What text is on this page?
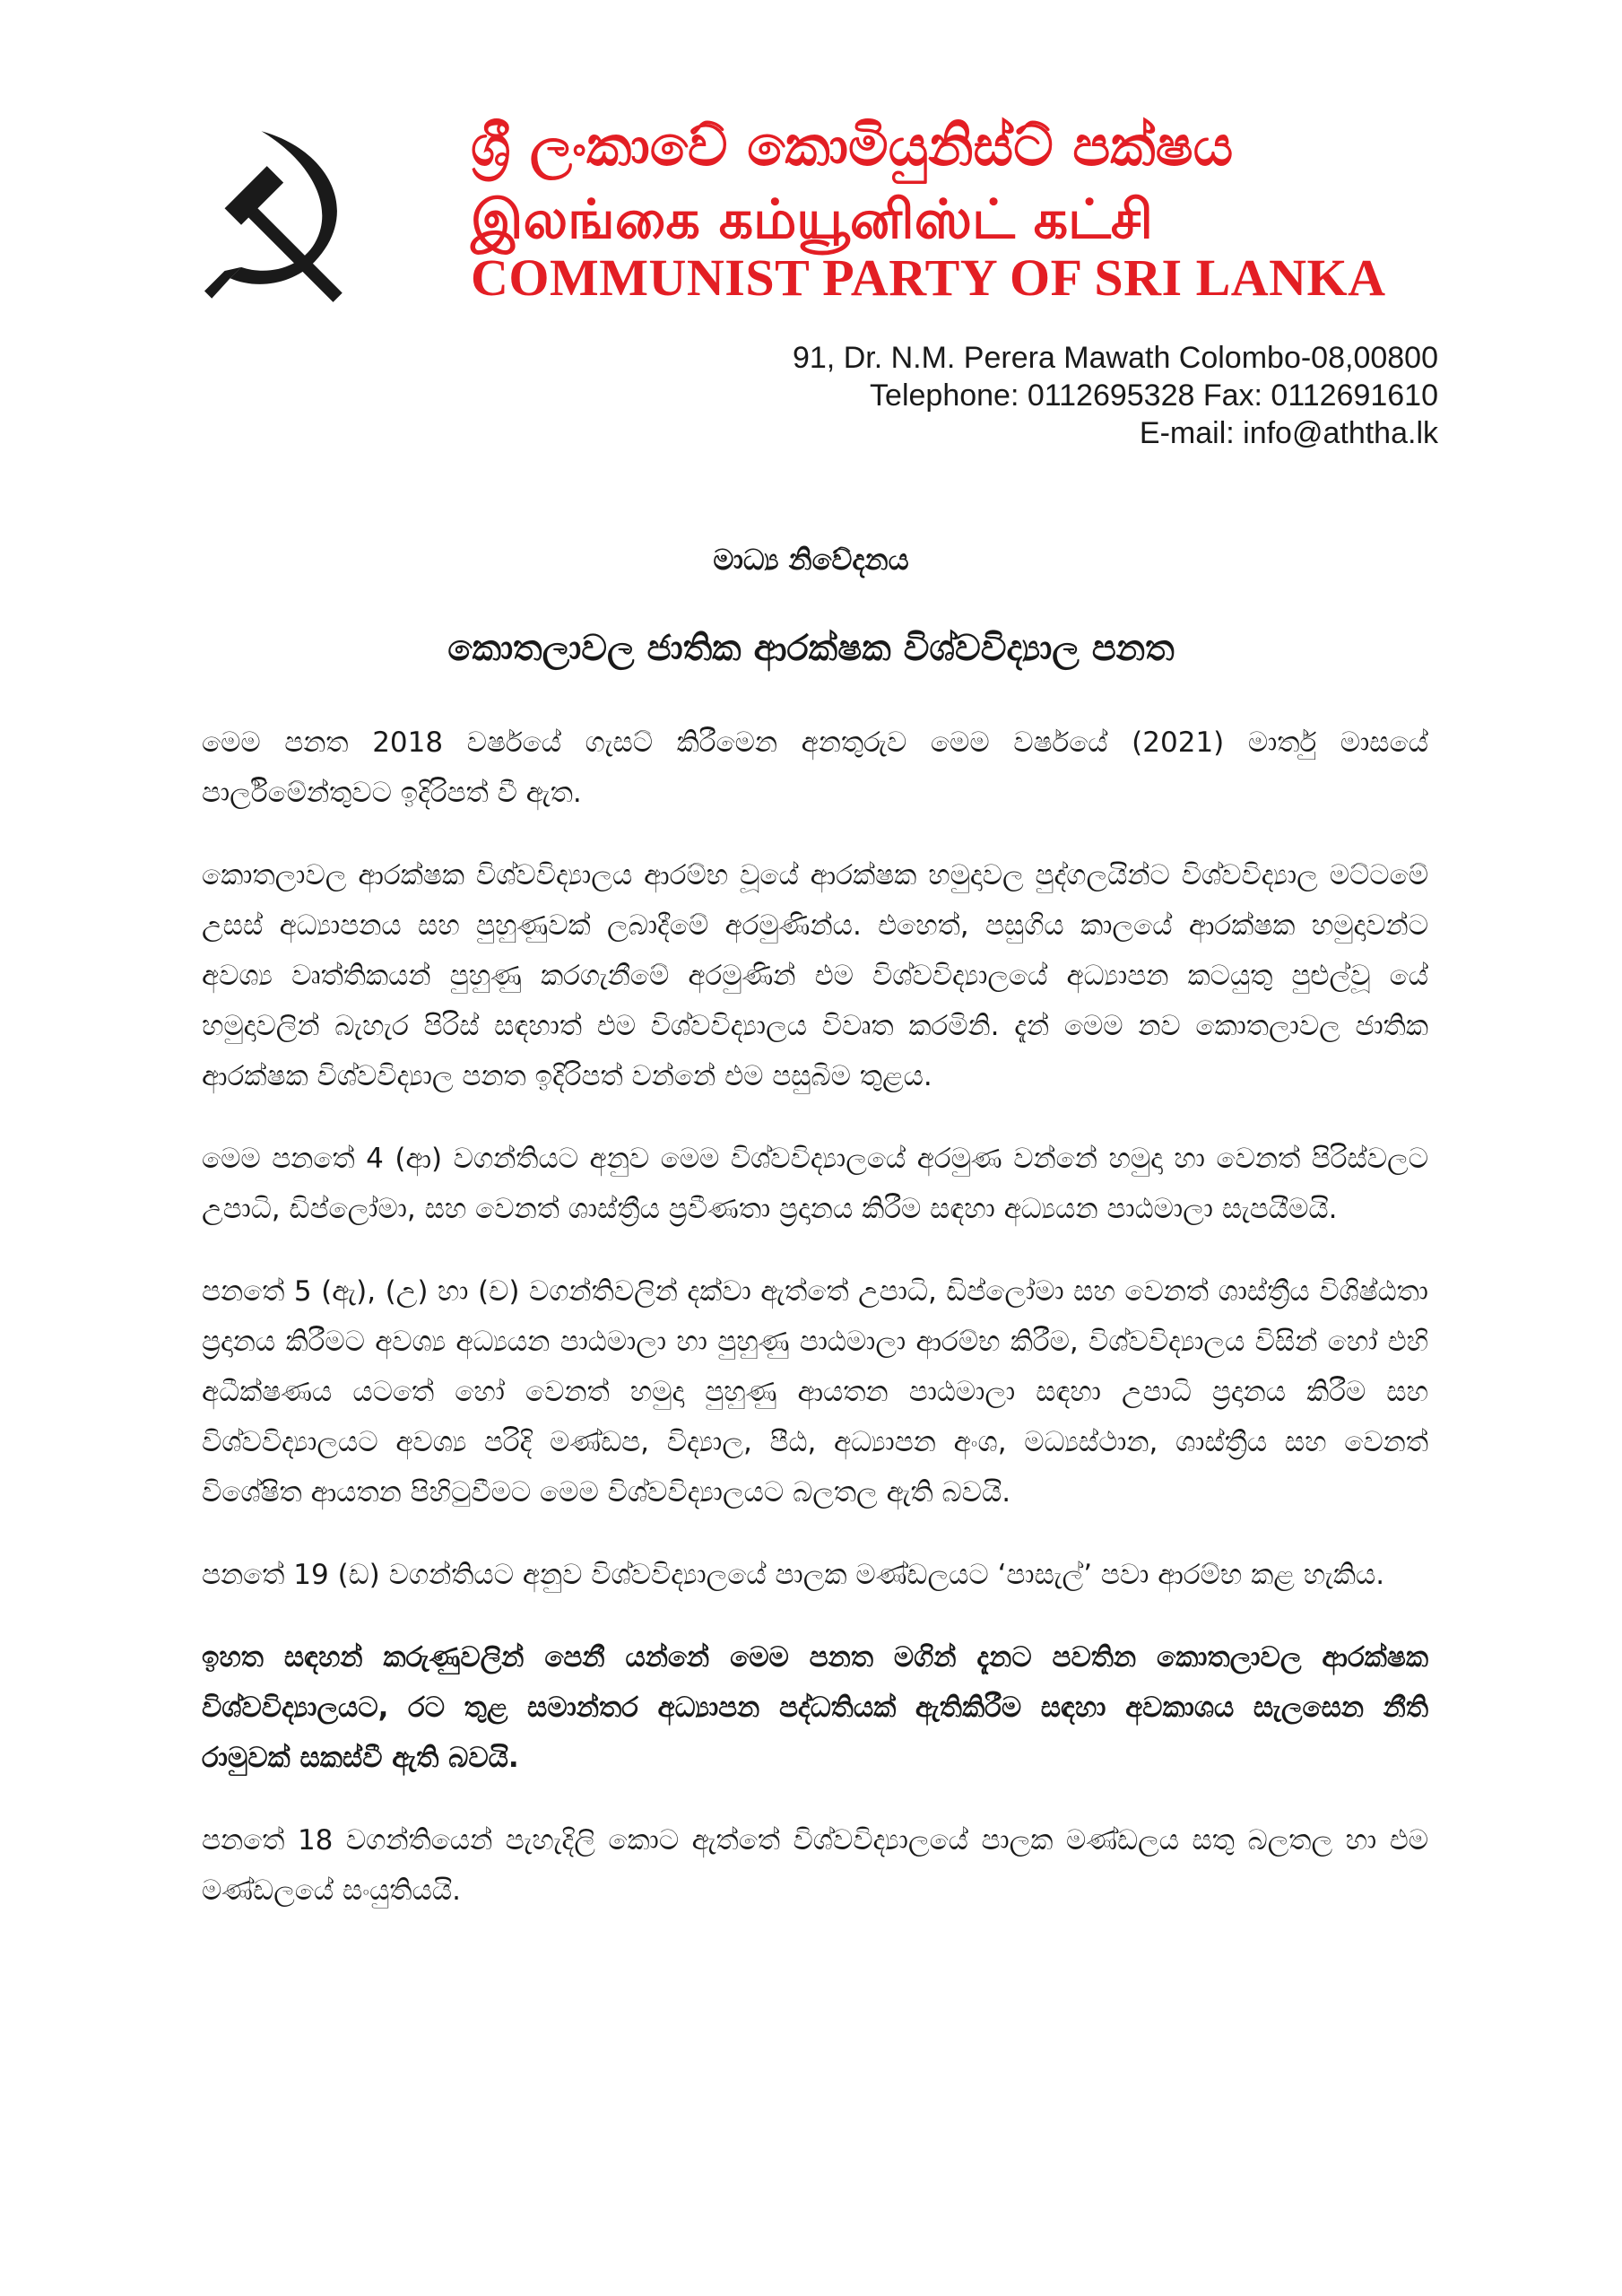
ශ්‍රී ලංකාවේ කොමියුනිස්ට් පක්ෂය
இலங்கை கம்யூனிஸ்ட் கட்சி
COMMUNIST PARTY OF SRI LANKA
91, Dr. N.M. Perera Mawath Colombo-08,00800
Telephone: 0112695328 Fax: 0112691610
E-mail: info@aththa.lk
මාධ්‍ය නිවේදනය
කොතලාවල ජාතික ආරක්ෂක විශ්වවිද්‍යාල පනත

මෙම පනත 2018 වර්ෂයේ ගැසට් කිරීමෙන අනතුරුව මෙම වර්ෂයේ (2021) මාර්තු මාසයේ පාර්ලිමේන්තුවට ඉදිරිපත් වී ඇත.

කොතලාවල ආරක්ෂක විශ්වවිද්‍යාලය ආරම්භ වූයේ ආරක්ෂක හමුදාවල පුද්ගලයින්ට විශ්වවිද්‍යාල මට්ටමේ උසස් අධ්‍යාපනය සහ පුහුණුවක් ලබාදීමේ අරමුණින්ය. එහෙත්, පසුගිය කාලයේ ආරක්ෂක හමුදාවන්ට අවශ්‍ය වෘත්තිකයන් පුහුණු කරගැනීමේ අරමුණින් එම විශ්වවිද්‍යාලයේ අධ්‍යාපන කටයුතු පුළුල්වූ යේ හමුදාවලින් බැහැර පිරිස් සඳහාත් එම විශ්වවිද්‍යාලය විවෘත කරමිනි. දැන් මෙම නව කොතලාවල ජාතික ආරක්ෂක විශ්වවිද්‍යාල පනත ඉදිරිපත් වන්නේ එම පසුබිම තුළය.

මෙම පනතේ 4 (ආ) වගන්තියට අනුව මෙම විශ්වවිද්‍යාලයේ අරමුණ වන්නේ හමුදා හා වෙනත් පිරිස්වලට උපාධි, ඩිප්ලෝමා, සහ වෙනත් ශාස්ත්‍රීය ප්‍රවීණතා ප්‍රදානය කිරීම සඳහා අධ්‍යයන පාඨමාලා සැපයීමයි.

පනතේ 5 (ඇ), (උ) හා (ච) වගන්තිවලින් දක්වා ඇත්තේ උපාධි, ඩිප්ලෝමා සහ වෙනත් ශාස්ත්‍රීය විශිෂ්ඨතා ප්‍රදානය කිරීමට අවශ්‍ය අධ්‍යයන පාඨමාලා හා පුහුණු පාඨමාලා ආරම්භ කිරීම, විශ්වවිද්‍යාලය විසින් හෝ එහි අධීක්ෂණය යටතේ හෝ වෙනත් හමුදා පුහුණු ආයතන පාඨමාලා සඳහා උපාධි ප්‍රදානය කිරීම සහ විශ්වවිද්‍යාලයට අවශ්‍ය පරිදි මණ්ඩප, විද්‍යාල, පීඨ, අධ්‍යාපන අංශ, මධ්‍යස්ථාන, ශාස්ත්‍රීය සහ වෙනත් විශේෂිත ආයතන පිහිටුවීමට මෙම විශ්වවිද්‍යාලයට බලතල ඇති බවයි.

පනතේ 19 (ඩ) වගන්තියට අනුව විශ්වවිද්‍යාලයේ පාලක මණ්ඩලයට ‘පාසැල්’ පවා ආරම්භ කළ හැකිය.

ඉහත සඳහන් කරුණුවලින් පෙනී යන්නේ මෙම පනත මගින් දැනට පවතින කොතලාවල ආරක්ෂක විශ්වවිද්‍යාලයට, රට තුළ සමාන්තර අධ්‍යාපන පද්ධතියක් ඇතිකිරීම සඳහා අවකාශය සැලසෙන නීති රාමුවක් සකස්වී ඇති බවයි.

පනතේ 18 වගන්තියෙන් පැහැදිලි කොට ඇත්තේ විශ්වවිද්‍යාලයේ පාලක මණ්ඩලය සතු බලතල හා එම මණ්ඩලයේ සංයුතියයි.
